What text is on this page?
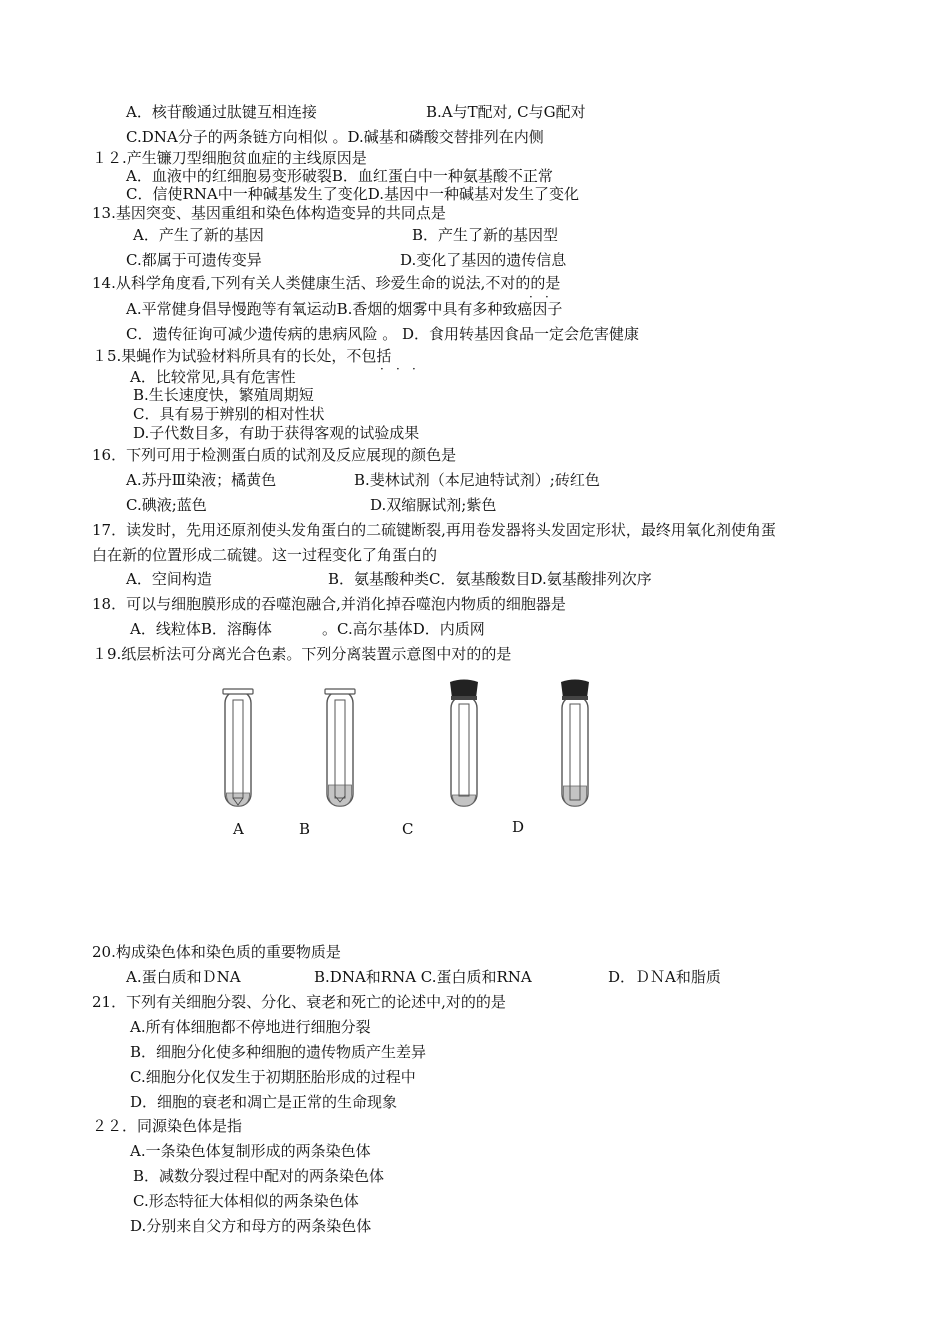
A．核苷酸通过肽键互相连接	B.A与T配对, C与G配对
C.DNA分子的两条链方向相似 。D.碱基和磷酸交替排列在内侧
１２.产生镰刀型细胞贫血症的主线原因是
A．血液中的红细胞易变形破裂B．血红蛋白中一种氨基酸不正常
C．信使RNA中一种碱基发生了变化D.基因中一种碱基对发生了变化
13.基因突变、基因重组和染色体构造变异的共同点是
A．产生了新的基因	B．产生了新的基因型
C.都属于可遗传变异	D.变化了基因的遗传信息
14.从科学角度看,下列有关人类健康生活、珍爱生命的说法,不对的的是
· ·
A.平常健身倡导慢跑等有氧运动B.香烟的烟雾中具有多种致癌因子
C．遗传征询可减少遗传病的患病风险 。 D．食用转基因食品一定会危害健康
１5.果蝇作为试验材料所具有的长处，不包括
· · ·
A．比较常见,具有危害性
B.生长速度快，繁殖周期短
C．具有易于辨别的相对性状
D.子代数目多，有助于获得客观的试验成果
16．下列可用于检测蛋白质的试剂及反应展现的颜色是
A.苏丹Ⅲ染液；橘黄色	B.斐林试剂（本尼迪特试剂）;砖红色
C.碘液;蓝色	D.双缩脲试剂;紫色
17．读发时，先用还原剂使头发角蛋白的二硫键断裂,再用卷发器将头发固定形状，最终用氧化剂使角蛋
白在新的位置形成二硫键。这一过程变化了角蛋白的
A．空间构造	B．氨基酸种类C．氨基酸数目D.氨基酸排列次序
18．可以与细胞膜形成的吞噬泡融合,并消化掉吞噬泡内物质的细胞器是
A．线粒体B．溶酶体	。C.高尔基体D．内质网
１9.纸层析法可分离光合色素。下列分离装置示意图中对的的是
A	B	C	D
20.构成染色体和染色质的重要物质是
A.蛋白质和ＤNA	B.DNA和RNA C.蛋白质和RNA	D．ＤＮA和脂质
21．下列有关细胞分裂、分化、衰老和死亡的论述中,对的的是
A.所有体细胞都不停地进行细胞分裂
B．细胞分化使多种细胞的遗传物质产生差异
C.细胞分化仅发生于初期胚胎形成的过程中
D．细胞的衰老和凋亡是正常的生命现象
２２．同源染色体是指
A.一条染色体复制形成的两条染色体
B．减数分裂过程中配对的两条染色体
C.形态特征大体相似的两条染色体
D.分别来自父方和母方的两条染色体
